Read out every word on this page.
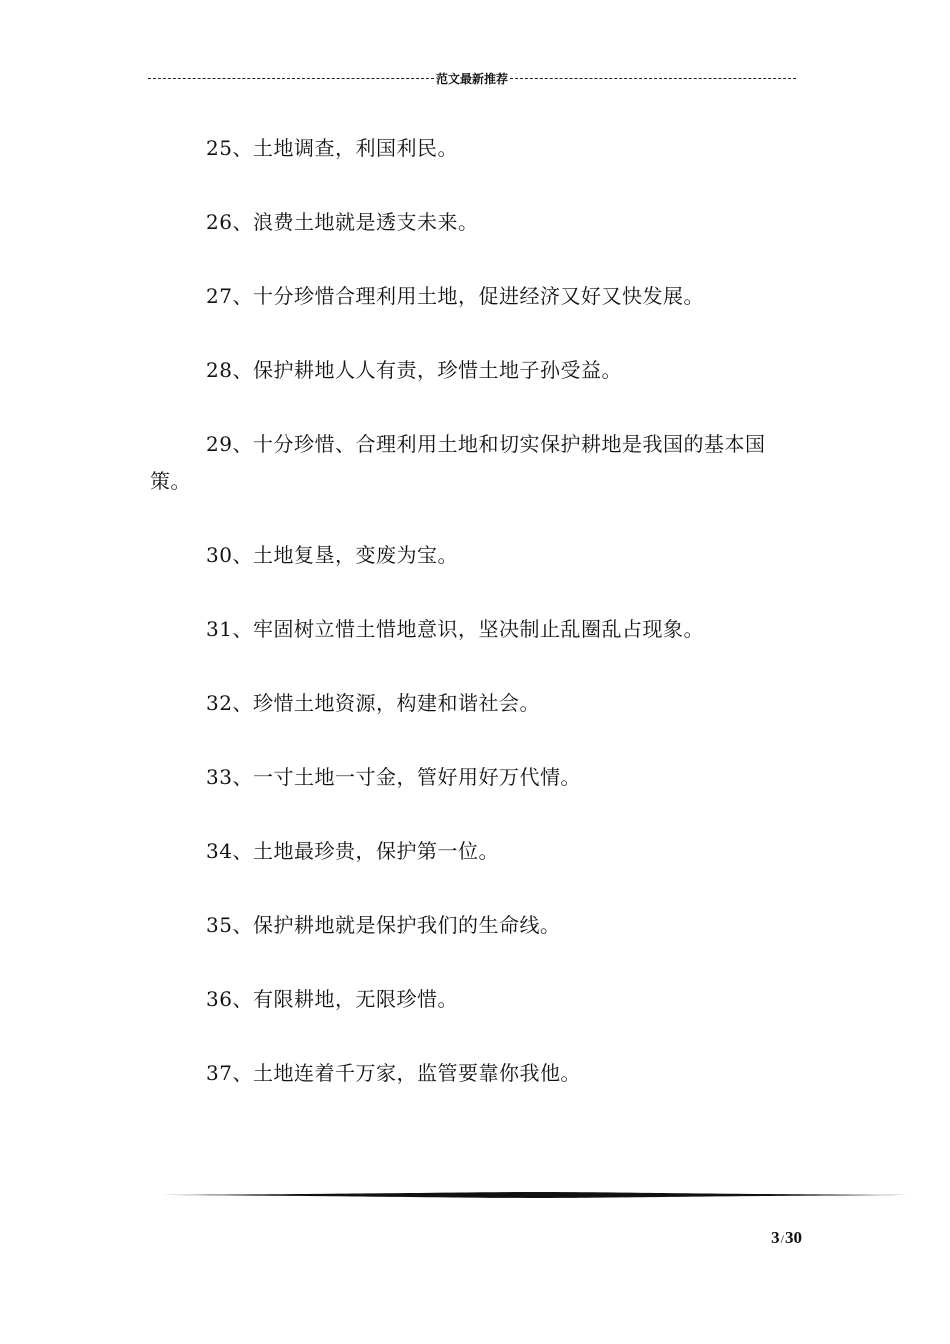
范文最新推荐

25、土地调查，利国利民。

26、浪费土地就是透支未来。

27、十分珍惜合理利用土地，促进经济又好又快发展。

28、保护耕地人人有责，珍惜土地子孙受益。

29、十分珍惜、合理利用土地和切实保护耕地是我国的基本国策。

30、土地复垦，变废为宝。

31、牢固树立惜土惜地意识，坚决制止乱圈乱占现象。

32、珍惜土地资源，构建和谐社会。

33、一寸土地一寸金，管好用好万代情。

34、土地最珍贵，保护第一位。

35、保护耕地就是保护我们的生命线。

36、有限耕地，无限珍惜。

37、土地连着千万家，监管要靠你我他。

3/30
